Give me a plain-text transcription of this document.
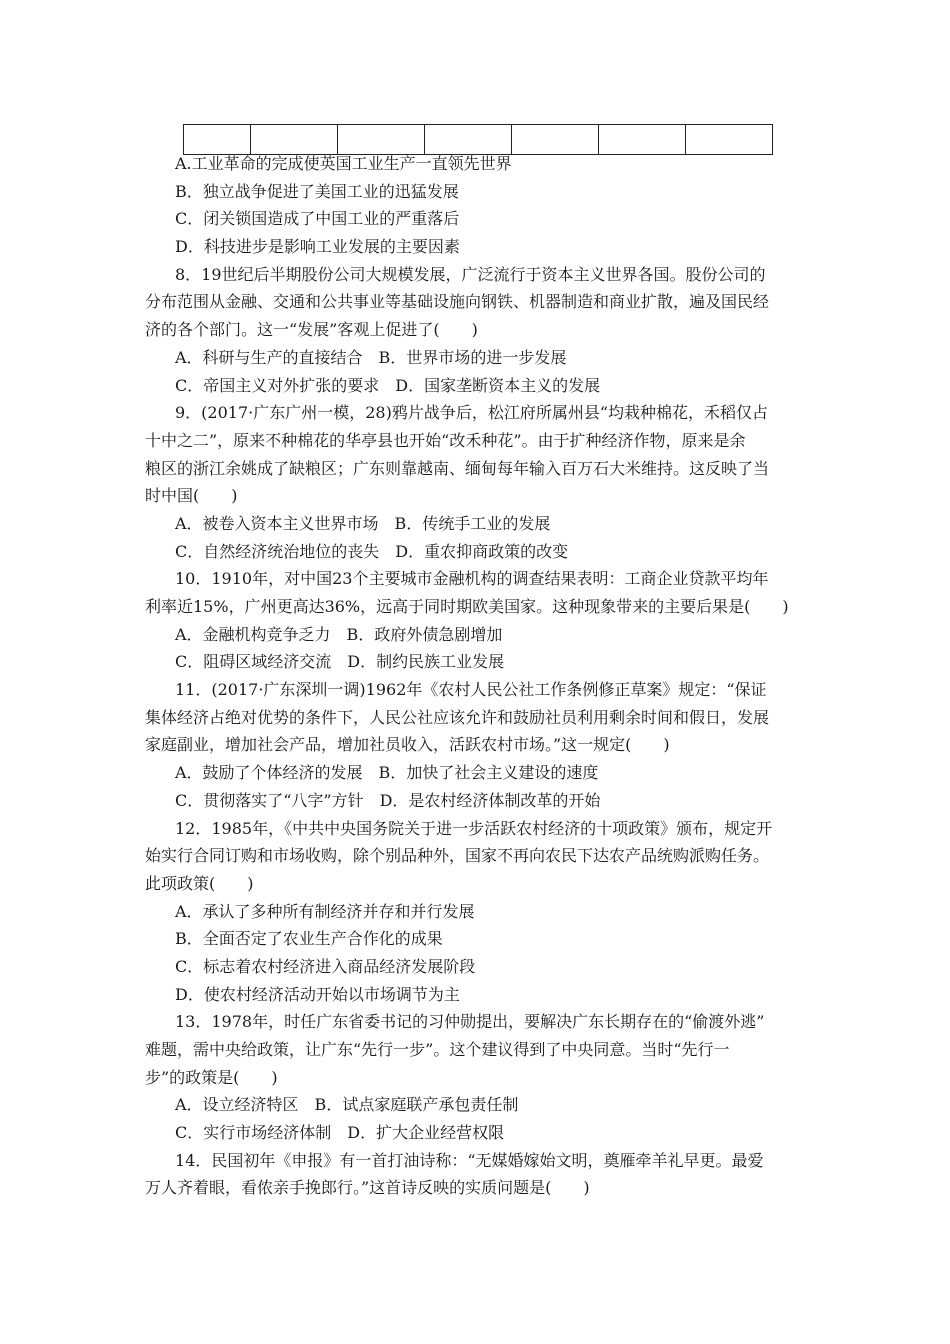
A.工业革命的完成使英国工业生产一直领先世界
B．独立战争促进了美国工业的迅猛发展
C．闭关锁国造成了中国工业的严重落后
D．科技进步是影响工业发展的主要因素
8．19世纪后半期股份公司大规模发展，广泛流行于资本主义世界各国。股份公司的
分布范围从金融、交通和公共事业等基础设施向钢铁、机器制造和商业扩散，遍及国民经
济的各个部门。这一“发展”客观上促进了(　　)
A．科研与生产的直接结合　B．世界市场的进一步发展
C．帝国主义对外扩张的要求　D．国家垄断资本主义的发展
9．(2017·广东广州一模，28)鸦片战争后，松江府所属州县“均栽种棉花，禾稻仅占
十中之二”，原来不种棉花的华亭县也开始“改禾种花”。由于扩种经济作物，原来是余
粮区的浙江余姚成了缺粮区；广东则靠越南、缅甸每年输入百万石大米维持。这反映了当
时中国(　　)
A．被卷入资本主义世界市场　B．传统手工业的发展
C．自然经济统治地位的丧失　D．重农抑商政策的改变
10．1910年，对中国23个主要城市金融机构的调查结果表明：工商企业贷款平均年
利率近15%，广州更高达36%，远高于同时期欧美国家。这种现象带来的主要后果是(　　)
A．金融机构竞争乏力　B．政府外债急剧增加
C．阻碍区域经济交流　D．制约民族工业发展
11．(2017·广东深圳一调)1962年《农村人民公社工作条例修正草案》规定：“保证
集体经济占绝对优势的条件下，人民公社应该允许和鼓励社员利用剩余时间和假日，发展
家庭副业，增加社会产品，增加社员收入，活跃农村市场。”这一规定(　　)
A．鼓励了个体经济的发展　B．加快了社会主义建设的速度
C．贯彻落实了“八字”方针　D．是农村经济体制改革的开始
12．1985年，《中共中央国务院关于进一步活跃农村经济的十项政策》颁布，规定开
始实行合同订购和市场收购，除个别品种外，国家不再向农民下达农产品统购派购任务。
此项政策(　　)
A．承认了多种所有制经济并存和并行发展
B．全面否定了农业生产合作化的成果
C．标志着农村经济进入商品经济发展阶段
D．使农村经济活动开始以市场调节为主
13．1978年，时任广东省委书记的习仲勋提出，要解决广东长期存在的“偷渡外逃”
难题，需中央给政策，让广东“先行一步”。这个建议得到了中央同意。当时“先行一
步”的政策是(　　)
A．设立经济特区　B．试点家庭联产承包责任制
C．实行市场经济体制　D．扩大企业经营权限
14．民国初年《申报》有一首打油诗称：“无媒婚嫁始文明，奠雁牵羊礼早更。最爱
万人齐着眼，看侬亲手挽郎行。”这首诗反映的实质问题是(　　)
